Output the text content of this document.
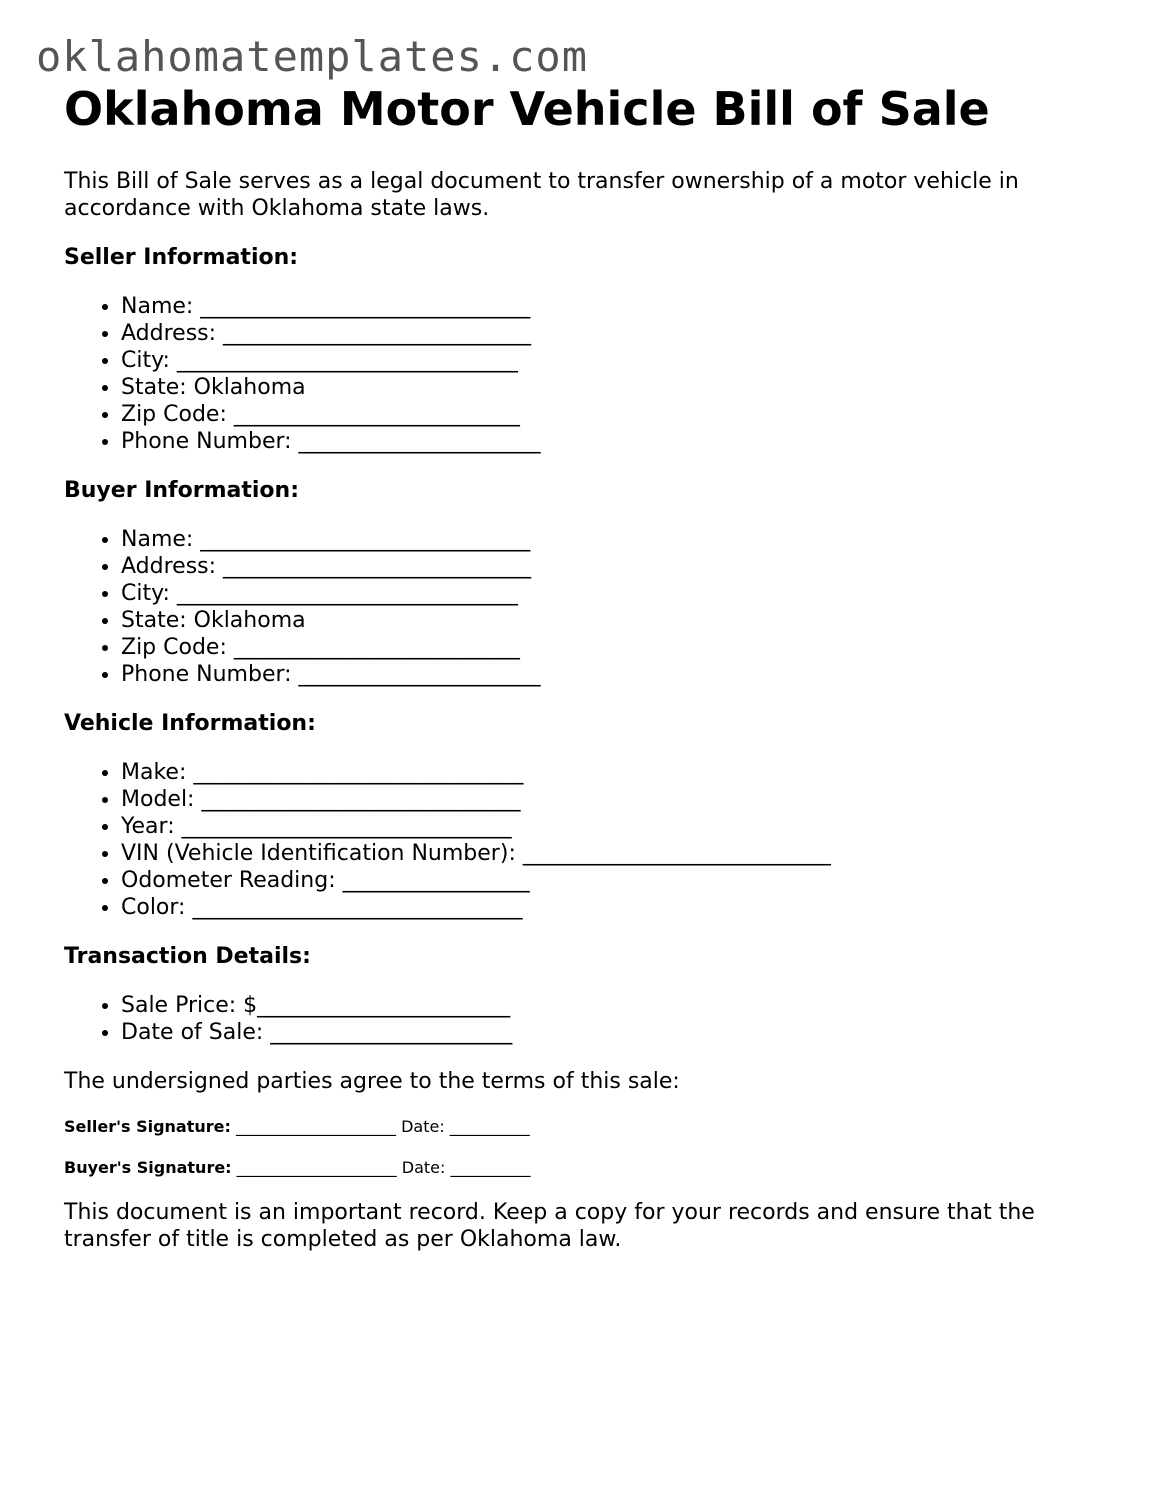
oklahomatemplates.com
Oklahoma Motor Vehicle Bill of Sale

This Bill of Sale serves as a legal document to transfer ownership of a motor vehicle in accordance with Oklahoma state laws.

Seller Information:
• Name: ______________________________
• Address: ____________________________
• City: _______________________________
• State: Oklahoma
• Zip Code: __________________________
• Phone Number: ______________________
Buyer Information:
• Name: ______________________________
• Address: ____________________________
• City: _______________________________
• State: Oklahoma
• Zip Code: __________________________
• Phone Number: ______________________
Vehicle Information:
• Make: ______________________________
• Model: _____________________________
• Year: ______________________________
• VIN (Vehicle Identification Number): ____________________________
• Odometer Reading: _________________
• Color: ______________________________
Transaction Details:
• Sale Price: $_______________________
• Date of Sale: ______________________

The undersigned parties agree to the terms of this sale:

Seller's Signature: ____________________ Date: __________
Buyer's Signature: ____________________ Date: __________

This document is an important record. Keep a copy for your records and ensure that the transfer of title is completed as per Oklahoma law.
